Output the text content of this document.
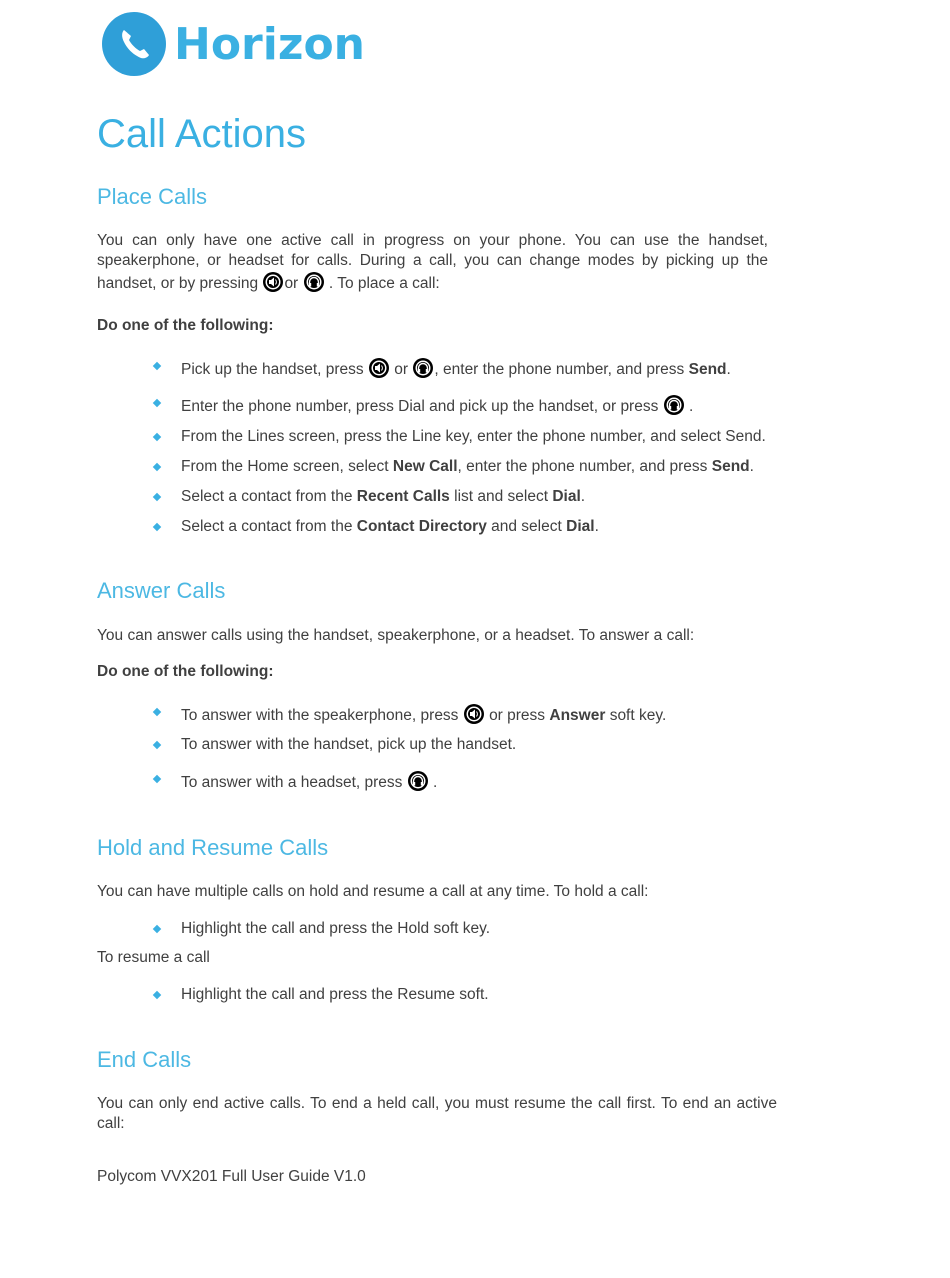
Horizon
Call Actions
Place Calls

You can only have one active call in progress on your phone. You can use the handset, speakerphone, or headset for calls. During a call, you can change modes by picking up the handset, or by pressing or . To place a call:

Do one of the following:

Pick up the handset, press or , enter the phone number, and press Send.
Enter the phone number, press Dial and pick up the handset, or press .
From the Lines screen, press the Line key, enter the phone number, and select Send.
From the Home screen, select New Call, enter the phone number, and press Send.
Select a contact from the Recent Calls list and select Dial.
Select a contact from the Contact Directory and select Dial.
Answer Calls

You can answer calls using the handset, speakerphone, or a headset. To answer a call:

Do one of the following:

To answer with the speakerphone, press or press Answer soft key.
To answer with the handset, pick up the handset.
To answer with a headset, press .
Hold and Resume Calls

You can have multiple calls on hold and resume a call at any time. To hold a call:

Highlight the call and press the Hold soft key.

To resume a call

Highlight the call and press the Resume soft.
End Calls

You can only end active calls. To end a held call, you must resume the call first. To end an active call:

Polycom VVX201 Full User Guide V1.0
